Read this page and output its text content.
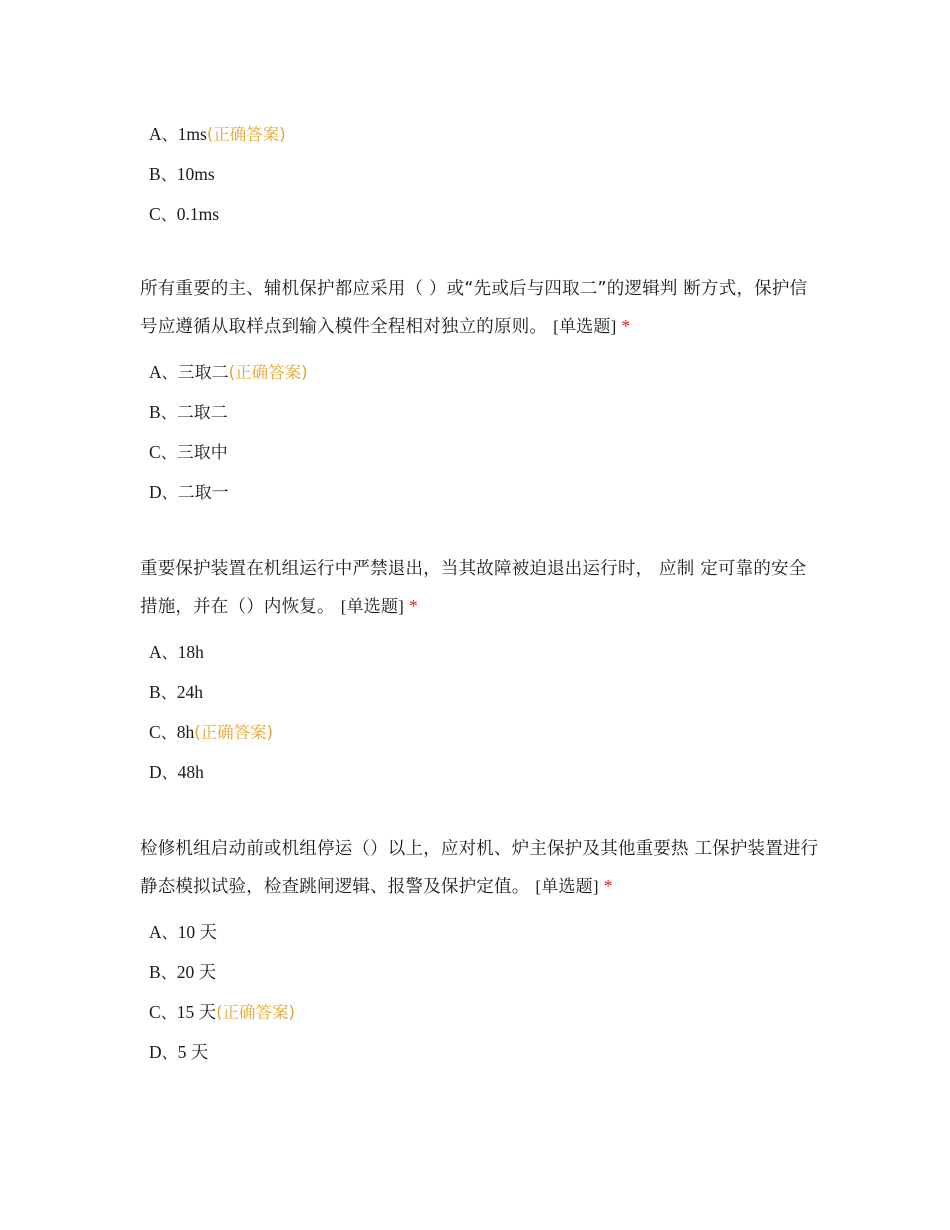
A、1ms(正确答案)
B、10ms
C、0.1ms

所有重要的主、辅机保护都应采用（ ）或“先或后与四取二”的逻辑判 断方式，保护信号应遵循从取样点到输入模件全程相对独立的原则。 [单选题] *

A、三取二(正确答案)
B、二取二
C、三取中
D、二取一

重要保护装置在机组运行中严禁退出，当其故障被迫退出运行时， 应制 定可靠的安全措施，并在（）内恢复。 [单选题] *

A、18h
B、24h
C、8h(正确答案)
D、48h

检修机组启动前或机组停运（）以上，应对机、炉主保护及其他重要热 工保护装置进行静态模拟试验，检查跳闸逻辑、报警及保护定值。 [单选题] *

A、10 天
B、20 天
C、15 天(正确答案)
D、5 天
